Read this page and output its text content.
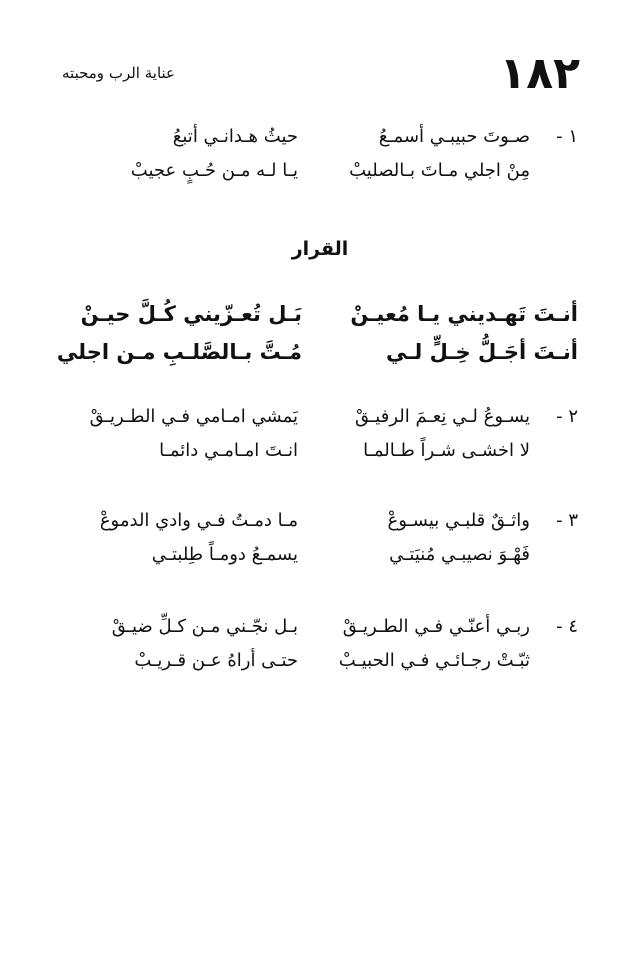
١٨٢
عناية الرب ومحبته
١ -
صـوتَ حبيبـي أسمـعُ
حيثُ هـدانـي أتبعُ
مِنْ اجلي مـاتَ بـالصليبْ
يـا لـه مـن حُـبٍ عجيبْ
القرار
أنـتَ تَهـديني يـا مُعيـنْ
بَـل تُعـزّيني كُـلَّ حيـنْ
أنـتَ أجَـلُّ خِـلٍّ لـي
مُـتَّ بـالصَّلـبِ مـن اجلي
٢ -
يسـوعُ لـي نِعـمَ الرفيـقْ
يَمشي امـامي فـي الطـريـقْ
لا اخشـى شـراً طـالمـا
انـتَ امـامـي دائمـا
٣ -
واثـقٌ قلبـي بيسـوعْ
مـا دمـتُ فـي وادي الدموعْ
فَهْـوَ نصيبـي مُنيَتـي
يسمـعُ دومـاً طِلبتـي
٤ -
ربـي أعنّـي فـي الطـريـقْ
بـل نجّـني مـن كـلِّ ضيـقْ
ثبّـتْ رجـائـي فـي الحبيـبْ
حتـى أراهُ عـن قـريـبْ
